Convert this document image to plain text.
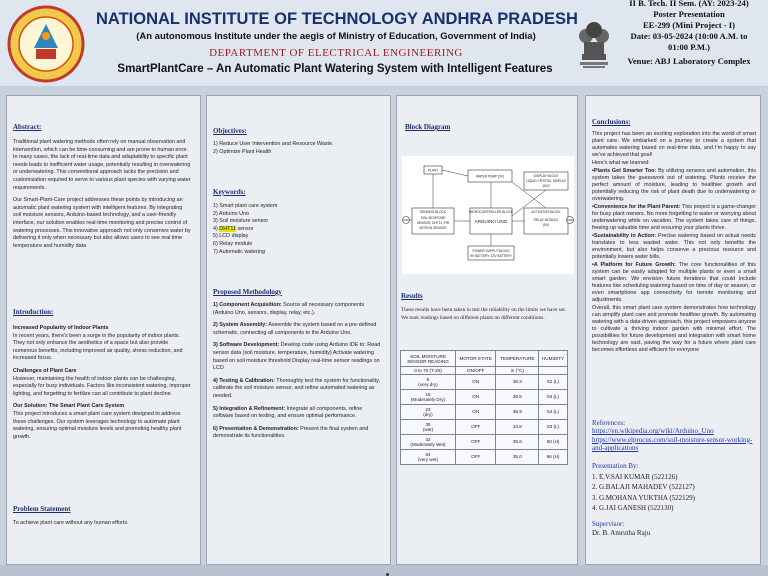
NATIONAL INSTITUTE OF TECHNOLOGY ANDHRA PRADESH
(An autonomous Institute under the aegis of Ministry of Education, Government of India)
DEPARTMENT OF ELECTRICAL ENGINEERING
SmartPlantCare – An Automatic Plant Watering System with Intelligent Features
II B. Tech. II Sem. (AY: 2023-24)
Poster Presentation
EE-299 (Mini Project - I)
Date: 03-05-2024 (10:00 A.M. to
01:00 P.M.)
Venue: ABJ Laboratory Complex
Abstract:

Traditional plant watering methods often rely on manual observation and intervention, which can be time-consuming and are prone to human error. In many cases, the lack of real-time data and adaptability to specific plant needs leads to inefficient water usage, potentially resulting in overwatering or underwatering. This conventional approach lacks the precision and customization required to serve to various plant species with varying water requirements.

Our Smart-Plant-Care project addresses these points by introducing an automatic plant watering system with intelligent features. By integrating soil moisture sensors, Arduino-based technology, and a user-friendly interface, our solution enables real-time monitoring and precise control of watering processes. This innovative approach not only conserves water by delivering it only when necessary but also allows users to see real time temperature and humidity data

Introduction:
Increased Popularity of Indoor Plants

In recent years, there's been a surge in the popularity of indoor plants. They not only enhance the aesthetics of a space but also provide numerous benefits, including improved air quality, stress reduction, and increased focus.

Challenges of Plant Care

However, maintaining the health of indoor plants can be challenging, especially for busy individuals. Factors like inconsistent watering, improper lighting, and forgetting to fertilize can all contribute to plant decline.

Our Solution: The Smart Plant Care System

This project introduces a smart plant care system designed to address these challenges. Our system leverages technology to automate plant watering, ensuring optimal moisture levels and promoting healthy plant growth.

Problem Statement
To achieve plant care without any human efforts.
Objectives:
1) Reduce User Intervention and Resource Waste.
2) Optimize Plant Health
Keywords:
1) Smart plant care system
2) Arduino Uno
3) Soil moisture sensor
4) DHT11 sensor
5) LCD display
6) Relay module
7) Automatic watering
Proposed Methodology

1) Component Acquisition: Source all necessary components (Arduino Uno, sensors, display, relay, etc.).

2) System Assembly: Assemble the system based on a pre-defined schematic, connecting all components to the Arduino Uno.

3) Software Development: Develop code using Arduino IDE to: Read sensor data (soil moisture, temperature, humidity) Activate watering based on soil moisture threshold Display real-time sensor readings on LCD

4) Testing & Calibration: Thoroughly test the system for functionality, calibrate the soil moisture sensor, and refine automated watering as needed.

5) Integration & Refinement: Integrate all components, refine software based on testing, and ensure optimal performance.

6) Presentation & Demonstration: Present the final system and demonstrate its functionalities.

Block Diagram
PLANT
WATER PUMP (5V)	DISPLAY BLOCK
LIQUID CRYSTAL DISPLAY
16X2
SENSING BLOCK
SOIL MOISTURE
SENSOR, DHT11, PIR
MOTION SENSOR
MICROCONTROLLER BLOCK
ARDUINO UNO
ACTUATOR BLOCK
RELAY MODULE
(5V)
POWER SUPPLY BLOCK
9V BATTERY, 12V BATTERY
GND	GND
Results
These results have been taken to test the reliability on the limits we have set. We took readings based on different plants on different conditions.
SOIL MOISTURE SENSOR READING	MOTOR STATE	TEMPERATURE	HUMIDITY
0 to 70 (T-30)	ON/OFF	in (°C)	

5
(very dry)	ON	38.3	52 (L)

15
(Moderately Dry)	ON	36.5	54 (L)

23
(dry)	ON	36.9	54 (L)

35
(wet)	OFF	34.8	53 (L)

42
(Moderately Wet)	OFF	35.6	60 (H)

64
(very wet)	OFF	35.0	66 (H)
Conclusions:

This project has been an exciting exploration into the world of smart plant care. We embarked on a journey to create a system that automates watering based on real-time data, and I'm happy to say we've achieved that goal!

Here's what we learned:

•Plants Get Smarter Too: By utilizing sensors and automation, this system takes the guesswork out of watering. Plants receive the perfect amount of moisture, leading to healthier growth and potentially reducing the risk of plant death due to underwatering or overwatering.

•Convenience for the Plant Parent: This project is a game-changer for busy plant owners. No more forgetting to water or worrying about underwatering while on vacation. The system takes care of things, freeing up valuable time and ensuring your plants thrive.

•Sustainability in Action: Precise watering based on actual needs translates to less wasted water. This not only benefits the environment, but also helps conserve a precious resource and potentially lowers water bills.

•A Platform for Future Growth: The core functionalities of this system can be easily adapted for multiple plants or even a small smart garden. We envision future iterations that could include features like scheduling watering based on time of day or season, or even smartphone app connectivity for remote monitoring and adjustments.

Overall, this smart plant care system demonstrates how technology can simplify plant care and promote healthier growth. By automating watering with a data-driven approach, this project empowers anyone to cultivate a thriving indoor garden with minimal effort. The possibilities for future development and integration with smart home technology are vast, paving the way for a future where plant care becomes effortless and efficient for everyone

References:
https://en.wikipedia.org/wiki/Arduino_Uno
https://www.elprocus.com/soil-moisture-sensor-working-and-applications
Presentation By:
1. E.V.SAI KUMAR (522126)
2. G.BALAJI MAHADEV (522127)
3. G.MOHANA YUKTHA (522129)
4. G.JAI GANESH (522130)
Supervisor:
Dr. B. Amrutha Raju
